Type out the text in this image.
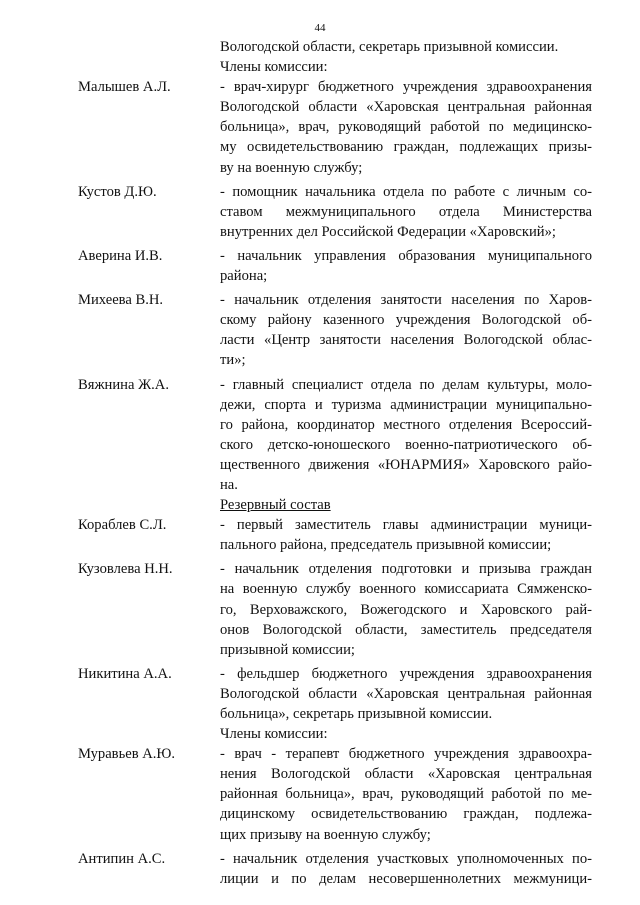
44
Вологодской области, секретарь призывной комиссии.
Члены комиссии:
Малышев А.Л.	- врач-хирург бюджетного учреждения здравоохранения
Вологодской области «Харовская центральная районная
больница», врач, руководящий работой по медицинско-
му освидетельствованию граждан, подлежащих призы-
ву на военную службу;
Кустов Д.Ю.	- помощник начальника отдела по работе с личным со-
ставом межмуниципального отдела Министерства
внутренних дел Российской Федерации «Харовский»;
Аверина И.В.	- начальник управления образования муниципального
района;
Михеева В.Н.	- начальник отделения занятости населения по Харов-
скому району казенного учреждения Вологодской об-
ласти «Центр занятости населения Вологодской облас-
ти»;
Вяжнина Ж.А.	- главный специалист отдела по делам культуры, моло-
дежи, спорта и туризма администрации муниципально-
го района, координатор местного отделения Всероссий-
ского детско-юношеского военно-патриотического об-
щественного движения «ЮНАРМИЯ» Харовского райо-
на.
Резервный состав
Кораблев С.Л.	- первый заместитель главы администрации муници-
пального района, председатель призывной комиссии;
Кузовлева Н.Н.	- начальник отделения подготовки и призыва граждан
на военную службу военного комиссариата Сямженско-
го, Верховажского, Вожегодского и Харовского рай-
онов Вологодской области, заместитель председателя
призывной комиссии;
Никитина А.А.	- фельдшер бюджетного учреждения здравоохранения
Вологодской области «Харовская центральная районная
больница», секретарь призывной комиссии.
Члены комиссии:
Муравьев А.Ю.	- врач - терапевт бюджетного учреждения здравоохра-
нения Вологодской области «Харовская центральная
районная больница», врач, руководящий работой по ме-
дицинскому освидетельствованию граждан, подлежа-
щих призыву на военную службу;
Антипин А.С.	- начальник отделения участковых уполномоченных по-
лиции и по делам несовершеннолетних межмуници-
